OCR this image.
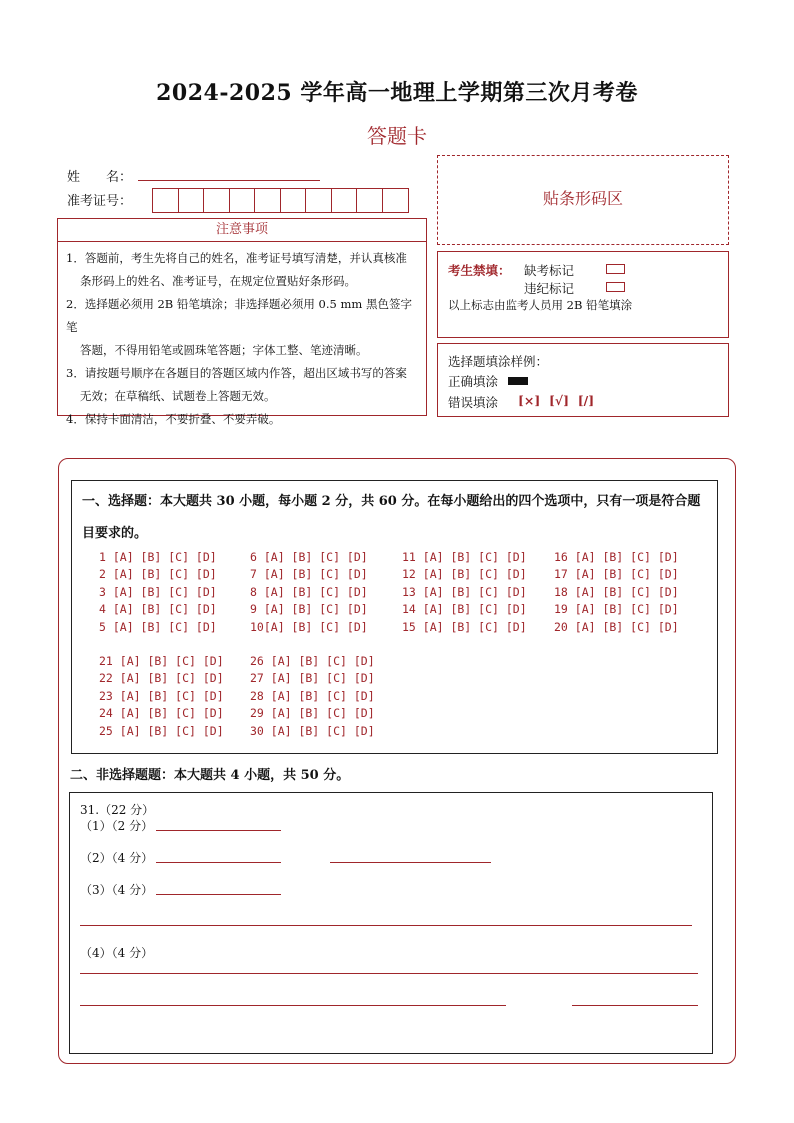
2024-2025 学年高一地理上学期第三次月考卷
答题卡
姓　　名：
准考证号：
注意事项

1．答题前，考生先将自己的姓名，准考证号填写清楚，并认真核准

条形码上的姓名、准考证号，在规定位置贴好条形码。

2．选择题必须用 2B 铅笔填涂；非选择题必须用 0.5 mm 黑色签字笔

答题，不得用铅笔或圆珠笔答题；字体工整、笔迹清晰。

3．请按题号顺序在各题目的答题区域内作答，超出区域书写的答案

无效；在草稿纸、试题卷上答题无效。

4．保持卡面清洁，不要折叠、不要弄破。

贴条形码区
考生禁填： 缺考标记
违纪标记
以上标志由监考人员用 2B 铅笔填涂
选择题填涂样例：
正确填涂
错误填涂 [×]  [√]  [/]
一、选择题：本大题共 30 小题，每小题 2 分，共 60 分。在每小题给出的四个选项中，只有一项是符合题目要求的。
1 [A] [B] [C] [D]	6 [A] [B] [C] [D]	11 [A] [B] [C] [D] 16 [A] [B] [C] [D]
2 [A] [B] [C] [D]	7 [A] [B] [C] [D]	12 [A] [B] [C] [D] 17 [A] [B] [C] [D]
3 [A] [B] [C] [D]	8 [A] [B] [C] [D]	13 [A] [B] [C] [D] 18 [A] [B] [C] [D]
4 [A] [B] [C] [D]	9 [A] [B] [C] [D]	14 [A] [B] [C] [D] 19 [A] [B] [C] [D]
5 [A] [B] [C] [D]	10[A] [B] [C] [D]	15 [A] [B] [C] [D] 20 [A] [B] [C] [D]
21 [A] [B] [C] [D] 26 [A] [B] [C] [D]
22 [A] [B] [C] [D] 27 [A] [B] [C] [D]
23 [A] [B] [C] [D] 28 [A] [B] [C] [D]
24 [A] [B] [C] [D] 29 [A] [B] [C] [D]
25 [A] [B] [C] [D] 30 [A] [B] [C] [D]
二、非选择题题：本大题共 4 小题，共 50 分。
31.（22 分）
（1）（2 分）
（2）（4 分）
（3）（4 分）
（4）（4 分）
